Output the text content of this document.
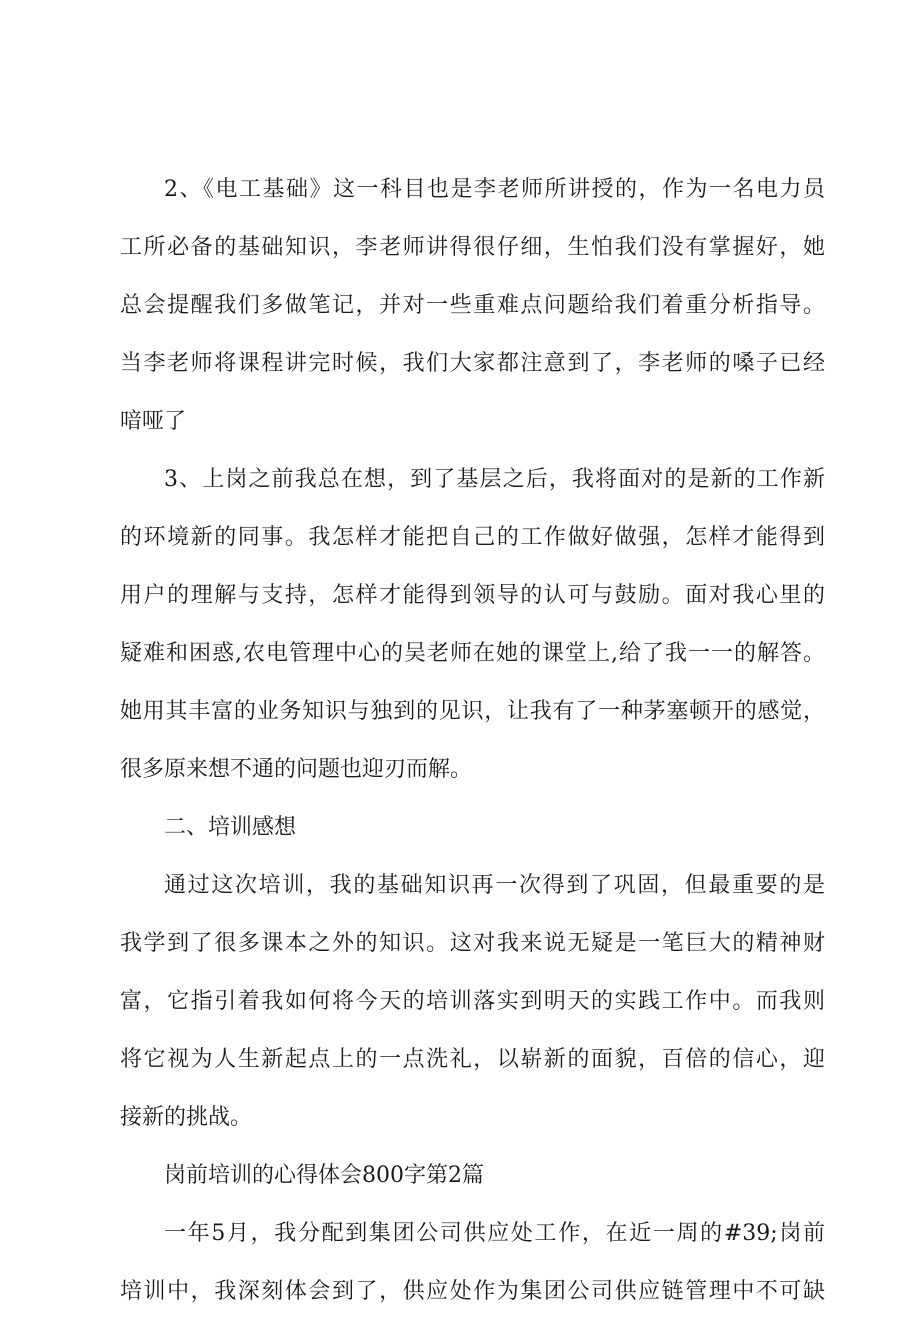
2、《电工基础》这一科目也是李老师所讲授的，作为一名电力员
工所必备的基础知识，李老师讲得很仔细，生怕我们没有掌握好，她
总会提醒我们多做笔记，并对一些重难点问题给我们着重分析指导。
当李老师将课程讲完时候，我们大家都注意到了，李老师的嗓子已经
喑哑了
3、上岗之前我总在想，到了基层之后，我将面对的是新的工作新
的环境新的同事。我怎样才能把自己的工作做好做强，怎样才能得到
用户的理解与支持，怎样才能得到领导的认可与鼓励。面对我心里的
疑难和困惑,农电管理中心的吴老师在她的课堂上,给了我一一的解答。
她用其丰富的业务知识与独到的见识，让我有了一种茅塞顿开的感觉，
很多原来想不通的问题也迎刃而解。
二、培训感想
通过这次培训，我的基础知识再一次得到了巩固，但最重要的是
我学到了很多课本之外的知识。这对我来说无疑是一笔巨大的精神财
富，它指引着我如何将今天的培训落实到明天的实践工作中。而我则
将它视为人生新起点上的一点洗礼，以崭新的面貌，百倍的信心，迎
接新的挑战。
岗前培训的心得体会800字第2篇
一年5月，我分配到集团公司供应处工作，在近一周的#39;岗前
培训中，我深刻体会到了，供应处作为集团公司供应链管理中不可缺
